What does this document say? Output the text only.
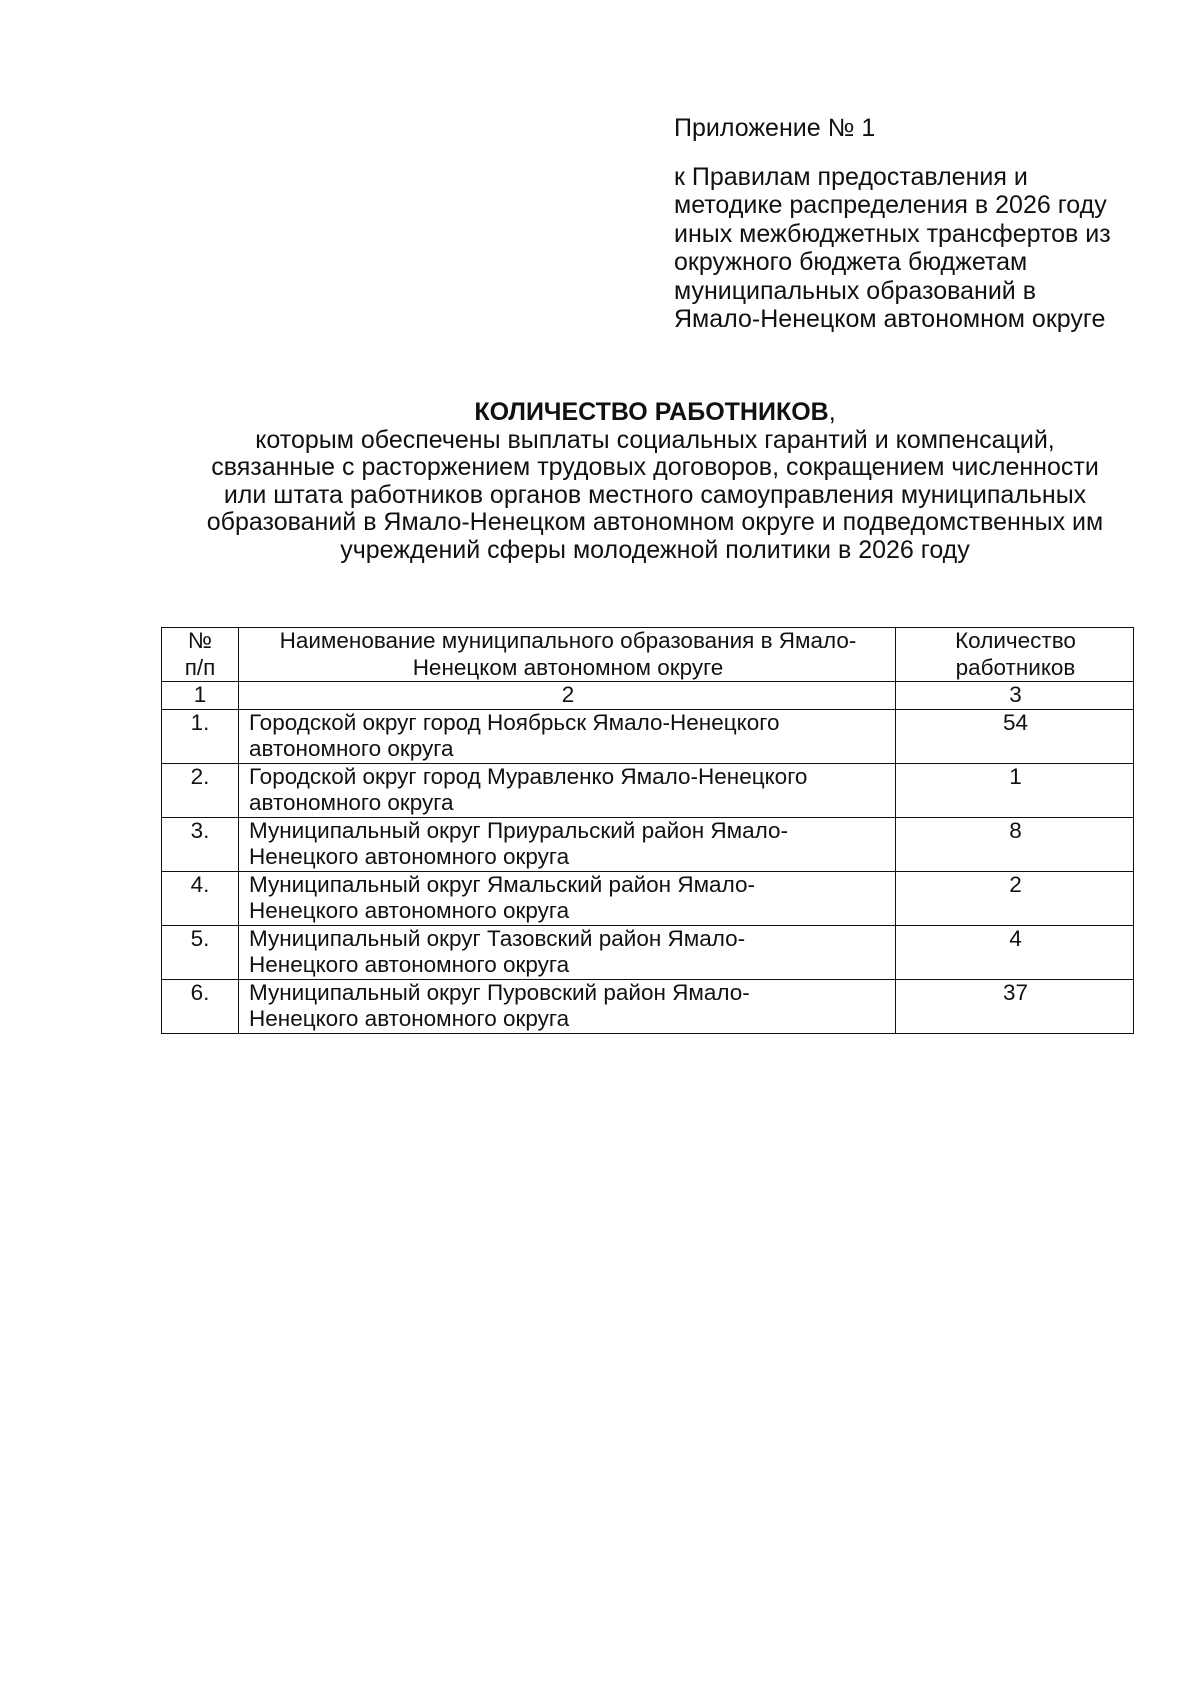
Приложение № 1

к Правилам предоставления и
методике распределения в 2026 году
иных межбюджетных трансфертов из
окружного бюджета бюджетам
муниципальных образований в
Ямало-Ненецком автономном округе

КОЛИЧЕСТВО РАБОТНИКОВ,

которым обеспечены выплаты социальных гарантий и компенсаций,
связанные с расторжением трудовых договоров, сокращением численности
или штата работников органов местного самоуправления муниципальных
образований в Ямало-Ненецком автономном округе и подведомственных им
учреждений сферы молодежной политики в 2026 году

№
п/п	Наименование муниципального образования в Ямало-
Ненецком автономном округе	Количество
работников

1	2	3
1.	Городской округ город Ноябрьск Ямало-Ненецкого
автономного округа	54
2.	Городской округ город Муравленко Ямало-Ненецкого
автономного округа	1
3.	Муниципальный округ Приуральский район Ямало-
Ненецкого автономного округа	8
4.	Муниципальный округ Ямальский район Ямало-
Ненецкого автономного округа	2
5.	Муниципальный округ Тазовский район Ямало-
Ненецкого автономного округа	4
6.	Муниципальный округ Пуровский район Ямало-
Ненецкого автономного округа	37
